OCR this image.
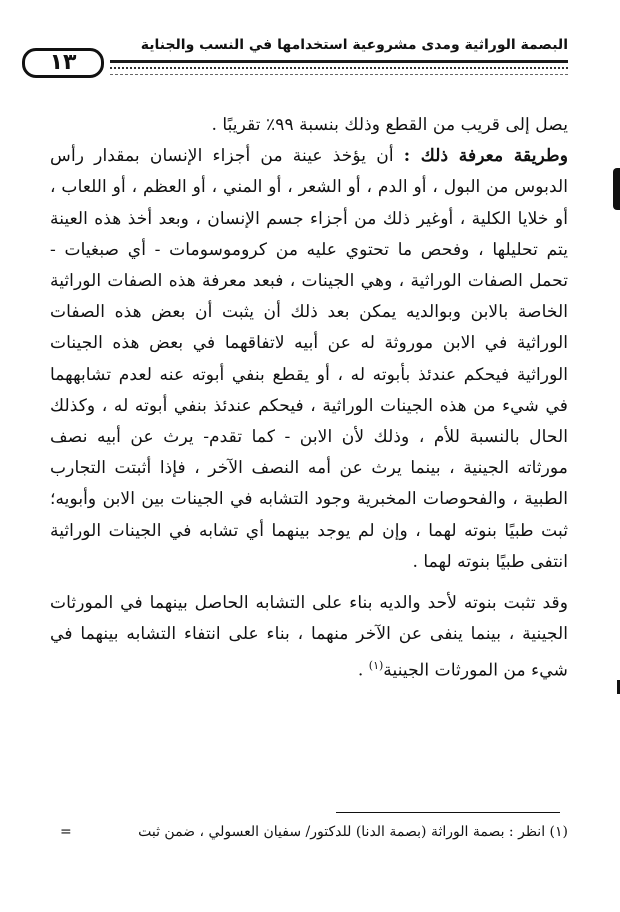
البصمة الوراثية ومدى مشروعية استخدامها في النسب والجناية
١٣

يصل إلى قريب من القطع وذلك بنسبة ٩٩٪ تقريبًا .

وطريقة معرفة ذلك : أن يؤخذ عينة من أجزاء الإنسان بمقدار رأس الدبوس من البول ، أو الدم ، أو الشعر ، أو المني ، أو العظم ، أو اللعاب ، أو خلايا الكلية ، أوغير ذلك من أجزاء جسم الإنسان ، وبعد أخذ هذه العينة يتم تحليلها ، وفحص ما تحتوي عليه من كروموسومات - أي صبغيات - تحمل الصفات الوراثية ، وهي الجينات ، فبعد معرفة هذه الصفات الوراثية الخاصة بالابن وبوالديه يمكن بعد ذلك أن يثبت أن بعض هذه الصفات الوراثية في الابن موروثة له عن أبيه لاتفاقهما في بعض هذه الجينات الوراثية فيحكم عندئذ بأبوته له ، أو يقطع بنفي أبوته عنه لعدم تشابههما في شيء من هذه الجينات الوراثية ، فيحكم عندئذ بنفي أبوته له ، وكذلك الحال بالنسبة للأم ، وذلك لأن الابن - كما تقدم- يرث عن أبيه نصف مورثاته الجينية ، بينما يرث عن أمه النصف الآخر ، فإذا أثبتت التجارب الطبية ، والفحوصات المخبرية وجود التشابه في الجينات بين الابن وأبويه؛ ثبت طبيًا بنوته لهما ، وإن لم يوجد بينهما أي تشابه في الجينات الوراثية انتفى طبيًا بنوته لهما .

وقد تثبت بنوته لأحد والديه بناء على التشابه الحاصل بينهما في المورثات الجينية ، بينما ينفى عن الآخر منهما ، بناء على انتفاء التشابه بينهما في شيء من المورثات الجينية$^{(١)}$ .

(١) انظر : بصمة الوراثة (بصمة الدنا) للدكتور/ سفيان العسولي ، ضمن ثبت
=
